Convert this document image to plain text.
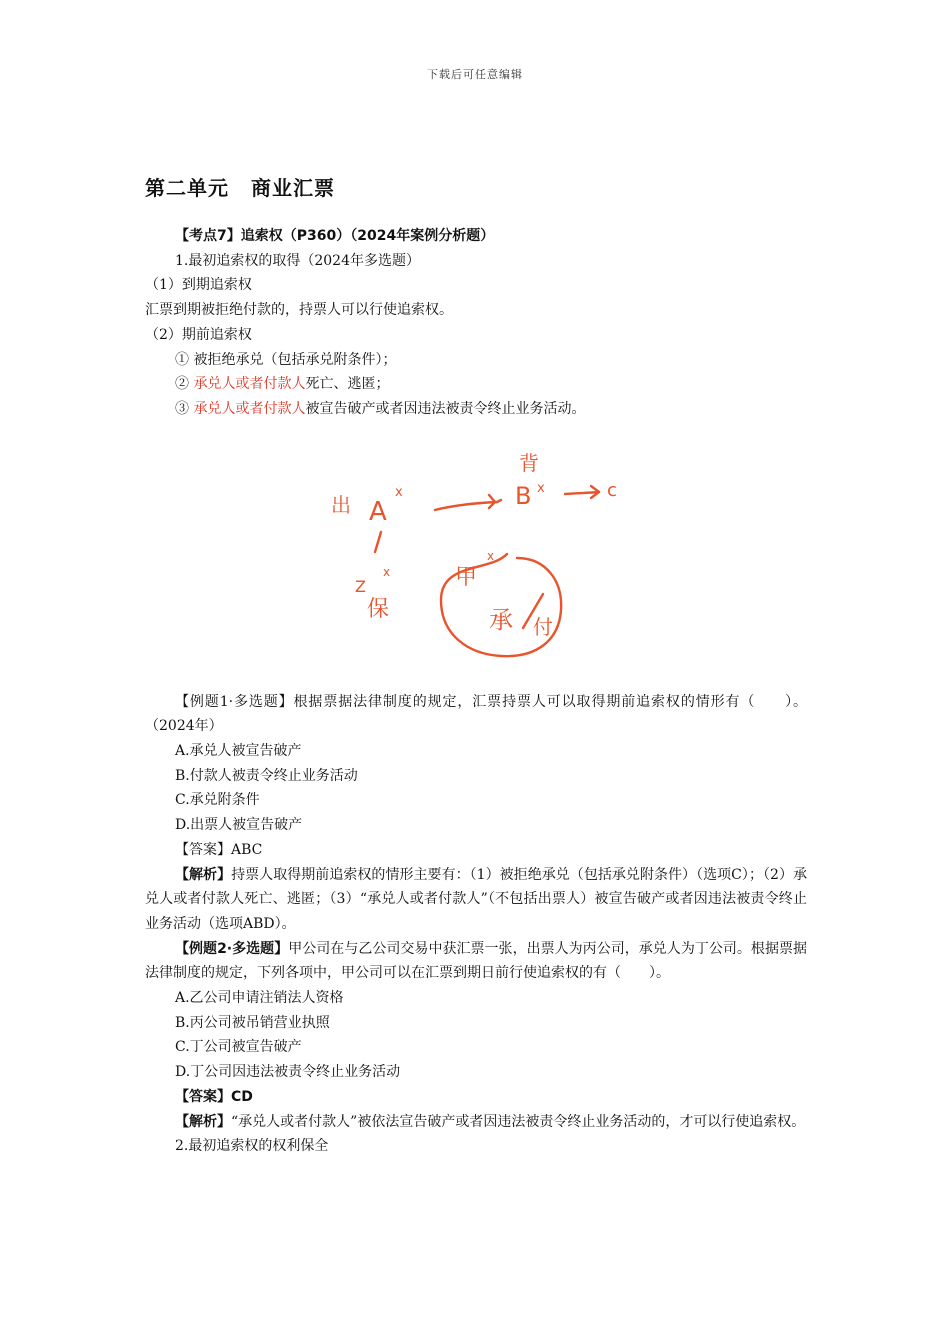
下载后可任意编辑
第二单元 商业汇票

【考点7】追索权（P360）（2024年案例分析题）

1.最初追索权的取得（2024年多选题）

（1）到期追索权

汇票到期被拒绝付款的，持票人可以行使追索权。

（2）期前追索权

① 被拒绝承兑（包括承兑附条件）；

② 承兑人或者付款人死亡、逃匿；

③ 承兑人或者付款人被宣告破产或者因违法被责令终止业务活动。

出 A
x
背
B x	c
Z
x
保
甲
x
承 付

【例题1·多选题】根据票据法律制度的规定，汇票持票人可以取得期前追索权的情形有（　　）。（2024年）

A.承兑人被宣告破产

B.付款人被责令终止业务活动

C.承兑附条件

D.出票人被宣告破产

【答案】ABC

【解析】持票人取得期前追索权的情形主要有：（1）被拒绝承兑（包括承兑附条件）（选项C）；（2）承兑人或者付款人死亡、逃匿；（3）“承兑人或者付款人”（不包括出票人）被宣告破产或者因违法被责令终止业务活动（选项ABD）。

【例题2·多选题】甲公司在与乙公司交易中获汇票一张，出票人为丙公司，承兑人为丁公司。根据票据法律制度的规定，下列各项中，甲公司可以在汇票到期日前行使追索权的有（　　）。

A.乙公司申请注销法人资格

B.丙公司被吊销营业执照

C.丁公司被宣告破产

D.丁公司因违法被责令终止业务活动

【答案】CD

【解析】“承兑人或者付款人”被依法宣告破产或者因违法被责令终止业务活动的，才可以行使追索权。

2.最初追索权的权利保全
